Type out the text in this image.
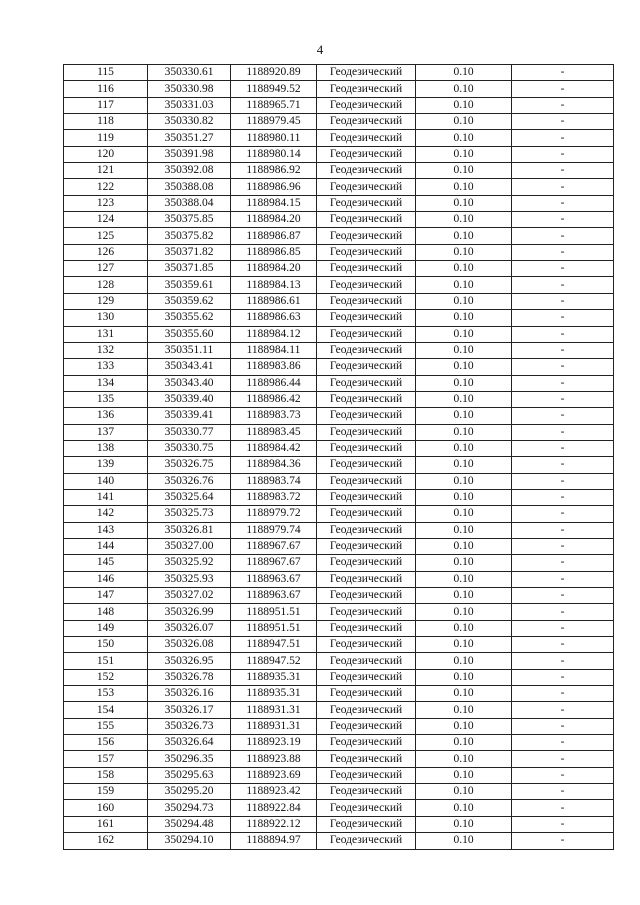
4
115	350330.61	1188920.89	Геодезический	0.10	-
116	350330.98	1188949.52	Геодезический	0.10	-
117	350331.03	1188965.71	Геодезический	0.10	-
118	350330.82	1188979.45	Геодезический	0.10	-
119	350351.27	1188980.11	Геодезический	0.10	-
120	350391.98	1188980.14	Геодезический	0.10	-
121	350392.08	1188986.92	Геодезический	0.10	-
122	350388.08	1188986.96	Геодезический	0.10	-
123	350388.04	1188984.15	Геодезический	0.10	-
124	350375.85	1188984.20	Геодезический	0.10	-
125	350375.82	1188986.87	Геодезический	0.10	-
126	350371.82	1188986.85	Геодезический	0.10	-
127	350371.85	1188984.20	Геодезический	0.10	-
128	350359.61	1188984.13	Геодезический	0.10	-
129	350359.62	1188986.61	Геодезический	0.10	-
130	350355.62	1188986.63	Геодезический	0.10	-
131	350355.60	1188984.12	Геодезический	0.10	-
132	350351.11	1188984.11	Геодезический	0.10	-
133	350343.41	1188983.86	Геодезический	0.10	-
134	350343.40	1188986.44	Геодезический	0.10	-
135	350339.40	1188986.42	Геодезический	0.10	-
136	350339.41	1188983.73	Геодезический	0.10	-
137	350330.77	1188983.45	Геодезический	0.10	-
138	350330.75	1188984.42	Геодезический	0.10	-
139	350326.75	1188984.36	Геодезический	0.10	-
140	350326.76	1188983.74	Геодезический	0.10	-
141	350325.64	1188983.72	Геодезический	0.10	-
142	350325.73	1188979.72	Геодезический	0.10	-
143	350326.81	1188979.74	Геодезический	0.10	-
144	350327.00	1188967.67	Геодезический	0.10	-
145	350325.92	1188967.67	Геодезический	0.10	-
146	350325.93	1188963.67	Геодезический	0.10	-
147	350327.02	1188963.67	Геодезический	0.10	-
148	350326.99	1188951.51	Геодезический	0.10	-
149	350326.07	1188951.51	Геодезический	0.10	-
150	350326.08	1188947.51	Геодезический	0.10	-
151	350326.95	1188947.52	Геодезический	0.10	-
152	350326.78	1188935.31	Геодезический	0.10	-
153	350326.16	1188935.31	Геодезический	0.10	-
154	350326.17	1188931.31	Геодезический	0.10	-
155	350326.73	1188931.31	Геодезический	0.10	-
156	350326.64	1188923.19	Геодезический	0.10	-
157	350296.35	1188923.88	Геодезический	0.10	-
158	350295.63	1188923.69	Геодезический	0.10	-
159	350295.20	1188923.42	Геодезический	0.10	-
160	350294.73	1188922.84	Геодезический	0.10	-
161	350294.48	1188922.12	Геодезический	0.10	-
162	350294.10	1188894.97	Геодезический	0.10	-
